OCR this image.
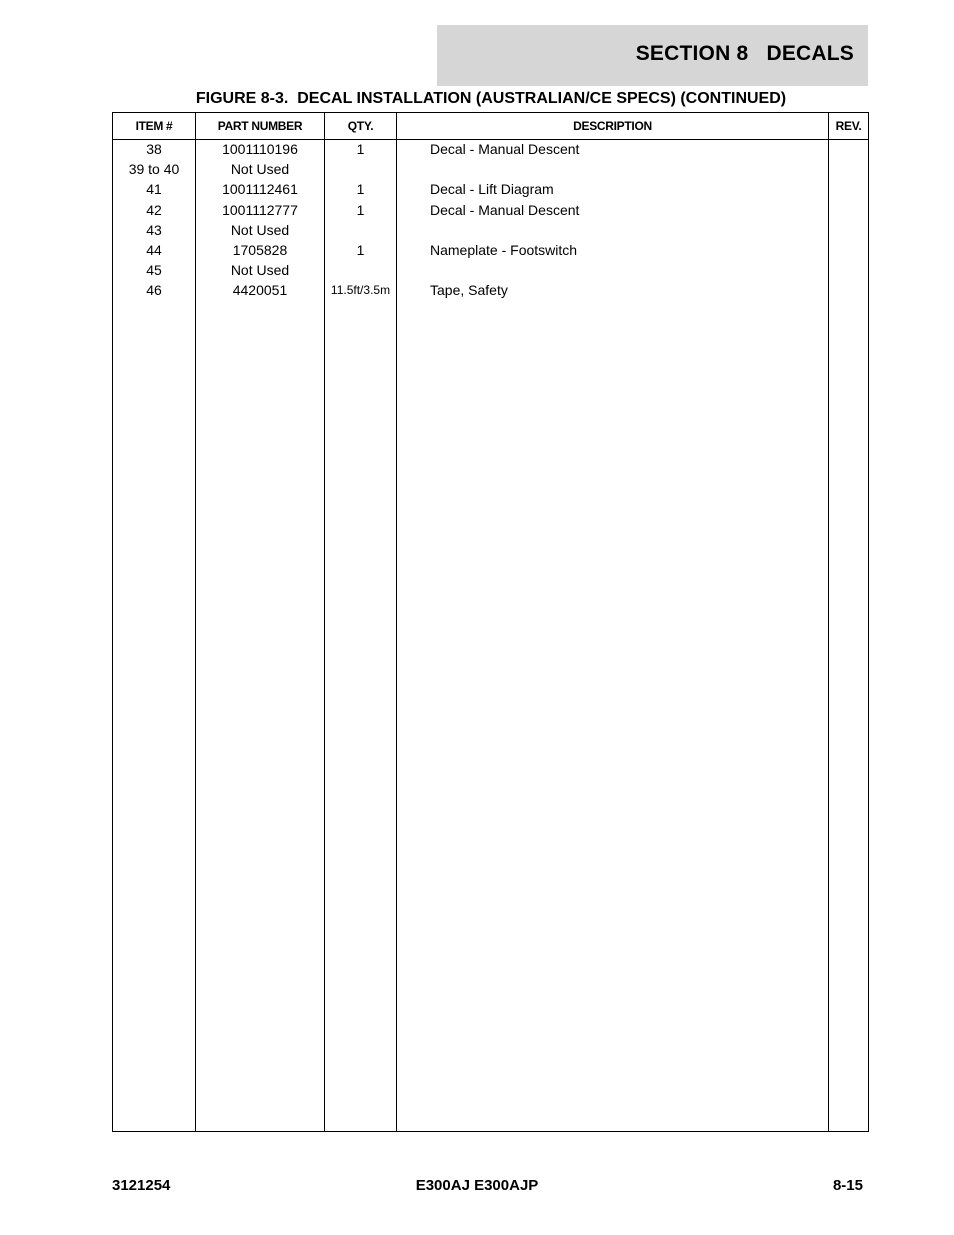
SECTION 8   DECALS
FIGURE 8-3.  DECAL INSTALLATION (AUSTRALIAN/CE SPECS) (CONTINUED)
ITEM #	PART NUMBER	QTY.	DESCRIPTION	REV.
38	1001110196	1	Decal - Manual Descent
39 to 40	Not Used
41	1001112461	1	Decal - Lift Diagram
42	1001112777	1	Decal - Manual Descent
43	Not Used
44	1705828	1	Nameplate - Footswitch
45	Not Used
46	4420051	11.5ft/3.5m	Tape, Safety
3121254	E300AJ E300AJP	8-15
